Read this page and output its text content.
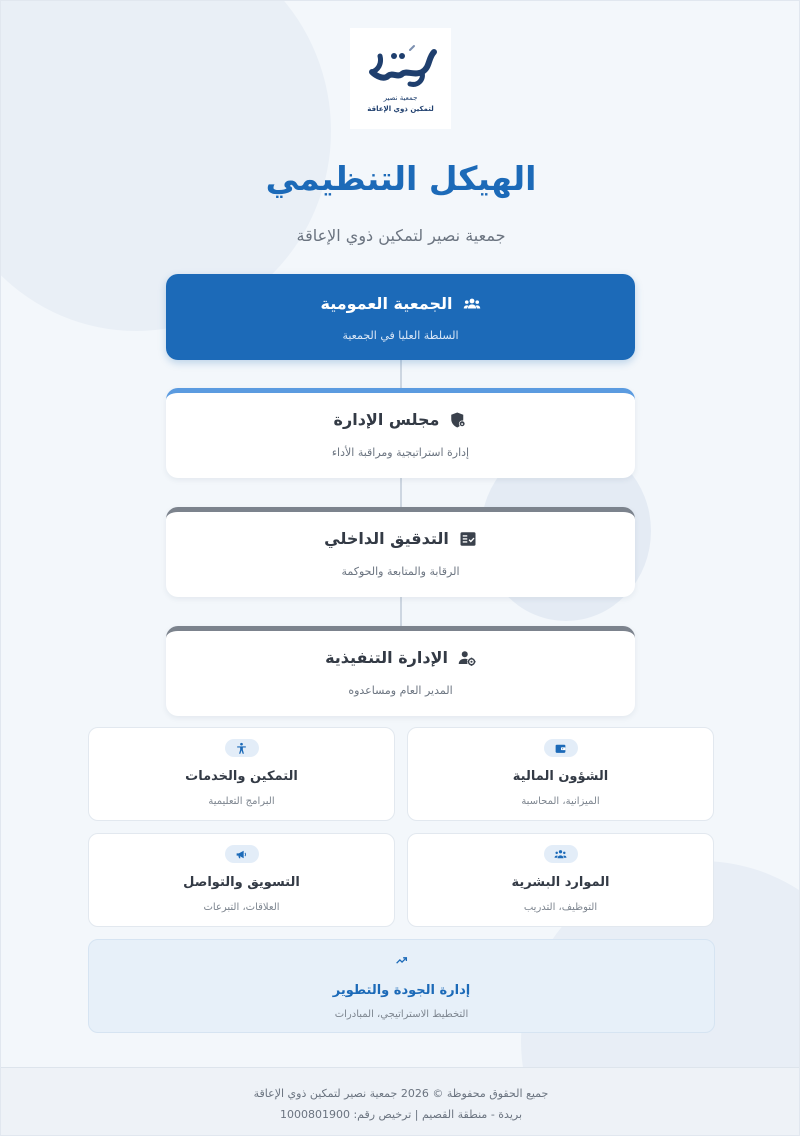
جمعية نصير
لتمكين ذوي الإعاقة
الهيكل التنظيمي
جمعية نصير لتمكين ذوي الإعاقة
الجمعية العمومية
السلطة العليا في الجمعية
مجلس الإدارة
إدارة استراتيجية ومراقبة الأداء
التدقيق الداخلي
الرقابة والمتابعة والحوكمة
الإدارة التنفيذية
المدير العام ومساعدوه
الشؤون المالية
الميزانية، المحاسبة
التمكين والخدمات
البرامج التعليمية
الموارد البشرية
التوظيف، التدريب
التسويق والتواصل
العلاقات، التبرعات
إدارة الجودة والتطوير
التخطيط الاستراتيجي، المبادرات
جميع الحقوق محفوظة © 2026 جمعية نصير لتمكين ذوي الإعاقة
بريدة - منطقة القصيم | ترخيص رقم: 1000801900
